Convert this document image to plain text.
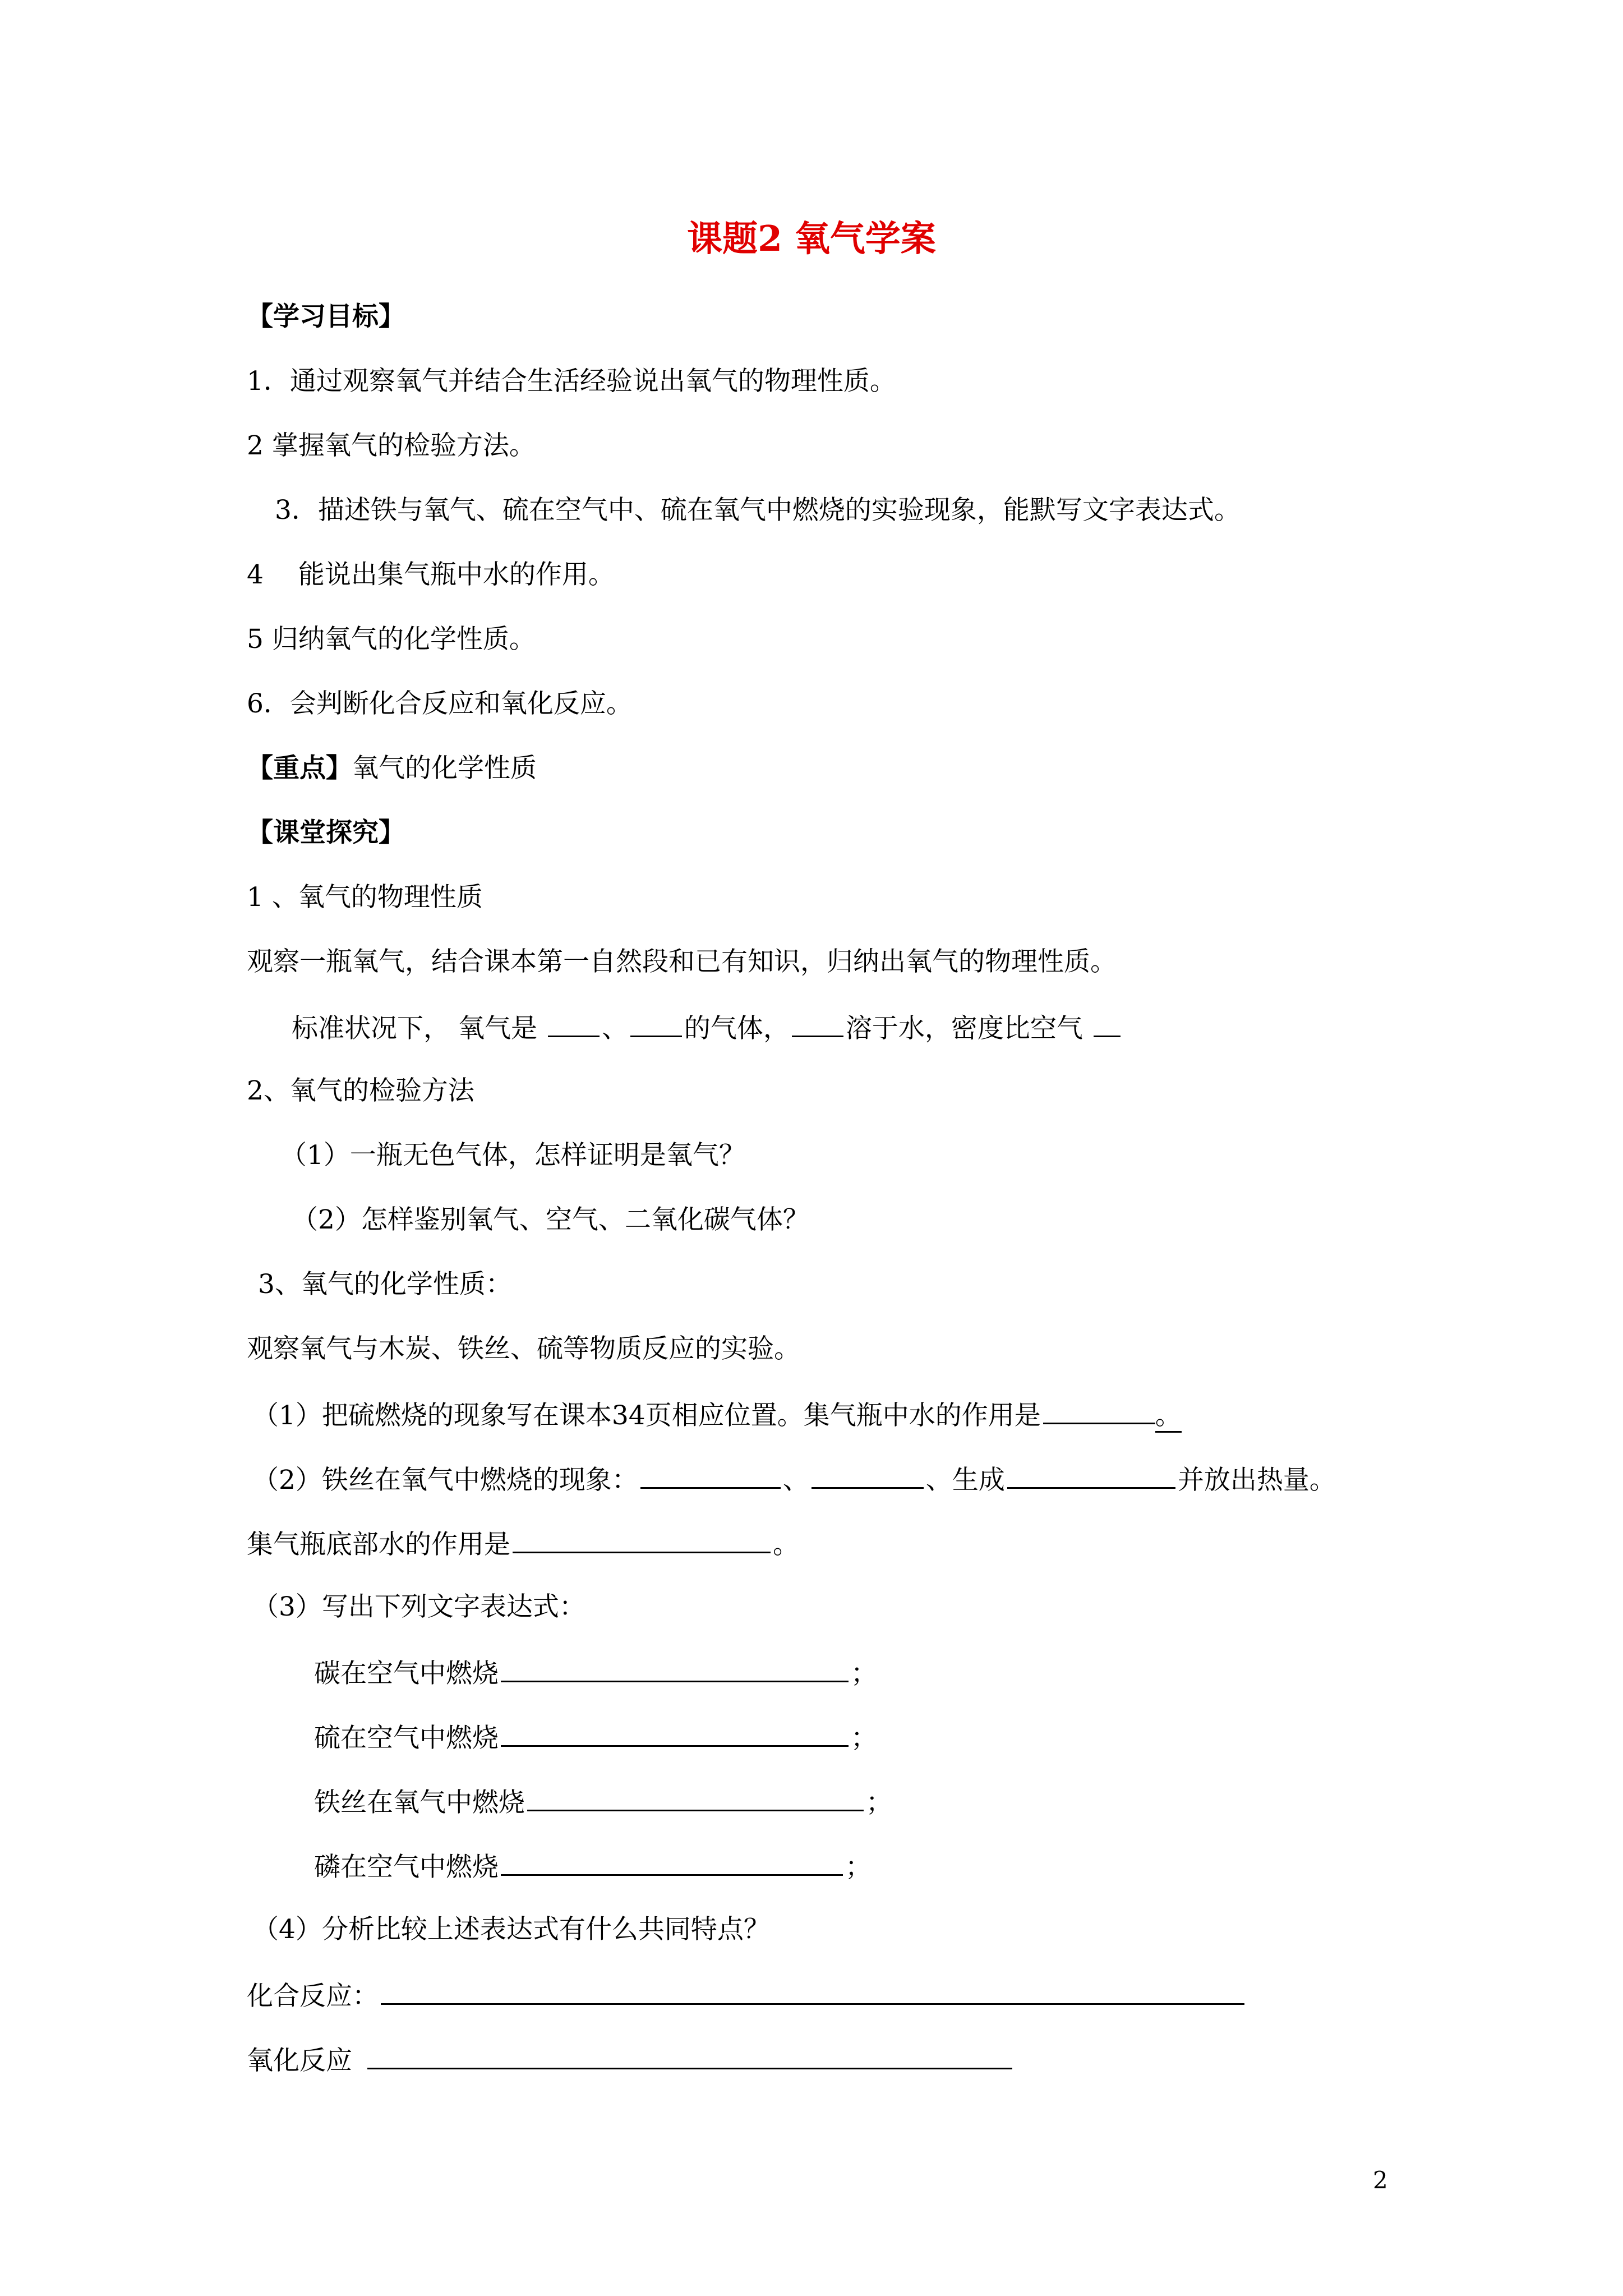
课题2 氧气学案
【学习目标】
1．通过观察氧气并结合生活经验说出氧气的物理性质。
2 掌握氧气的检验方法。
3．描述铁与氧气、硫在空气中、硫在氧气中燃烧的实验现象，能默写文字表达式。
4　 能说出集气瓶中水的作用。
5 归纳氧气的化学性质。
6．会判断化合反应和氧化反应。
【重点】氧气的化学性质
【课堂探究】
1 、氧气的物理性质
观察一瓶氧气，结合课本第一自然段和已有知识，归纳出氧气的物理性质。
标准状况下， 氧气是 、 的气体， 溶于水，密度比空气
2、氧气的检验方法
（1）一瓶无色气体，怎样证明是氧气？
（2）怎样鉴别氧气、空气、二氧化碳气体？
3、氧气的化学性质：
观察氧气与木炭、铁丝、硫等物质反应的实验。
（1）把硫燃烧的现象写在课本34页相应位置。集气瓶中水的作用是	。
（2）铁丝在氧气中燃烧的现象：	、	、生成	并放出热量。
集气瓶底部水的作用是	。
（3）写出下列文字表达式：
碳在空气中燃烧	；
硫在空气中燃烧	；
铁丝在氧气中燃烧	；
磷在空气中燃烧	；
（4）分析比较上述表达式有什么共同特点？
化合反应：
氧化反应
2
